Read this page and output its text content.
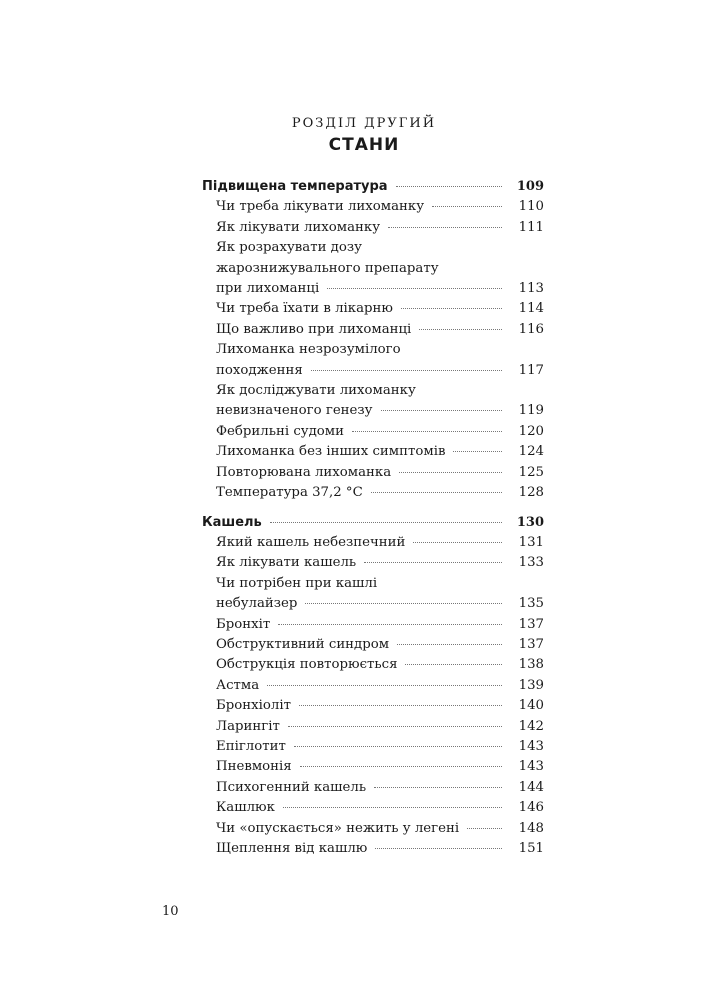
РОЗДІЛ ДРУГИЙ
СТАНИ
Підвищена температура	109
Чи треба лікувати лихоманку	110
Як лікувати лихоманку	111
Як розрахувати дозу
жарознижувального препарату
при лихоманці	113
Чи треба їхати в лікарню	114
Що важливо при лихоманці	116
Лихоманка незрозумілого
походження	117
Як досліджувати лихоманку
невизначеного генезу	119
Фебрильні судоми	120
Лихоманка без інших симптомів	124
Повторювана лихоманка	125
Температура 37,2 °С	128
Кашель	130
Який кашель небезпечний	131
Як лікувати кашель	133
Чи потрібен при кашлі
небулайзер	135
Бронхіт	137
Обструктивний синдром	137
Обструкція повторюється	138
Астма	139
Бронхіоліт	140
Ларингіт	142
Епіглотит	143
Пневмонія	143
Психогенний кашель	144
Кашлюк	146
Чи «опускається» нежить у легені	148
Щеплення від кашлю	151
10
